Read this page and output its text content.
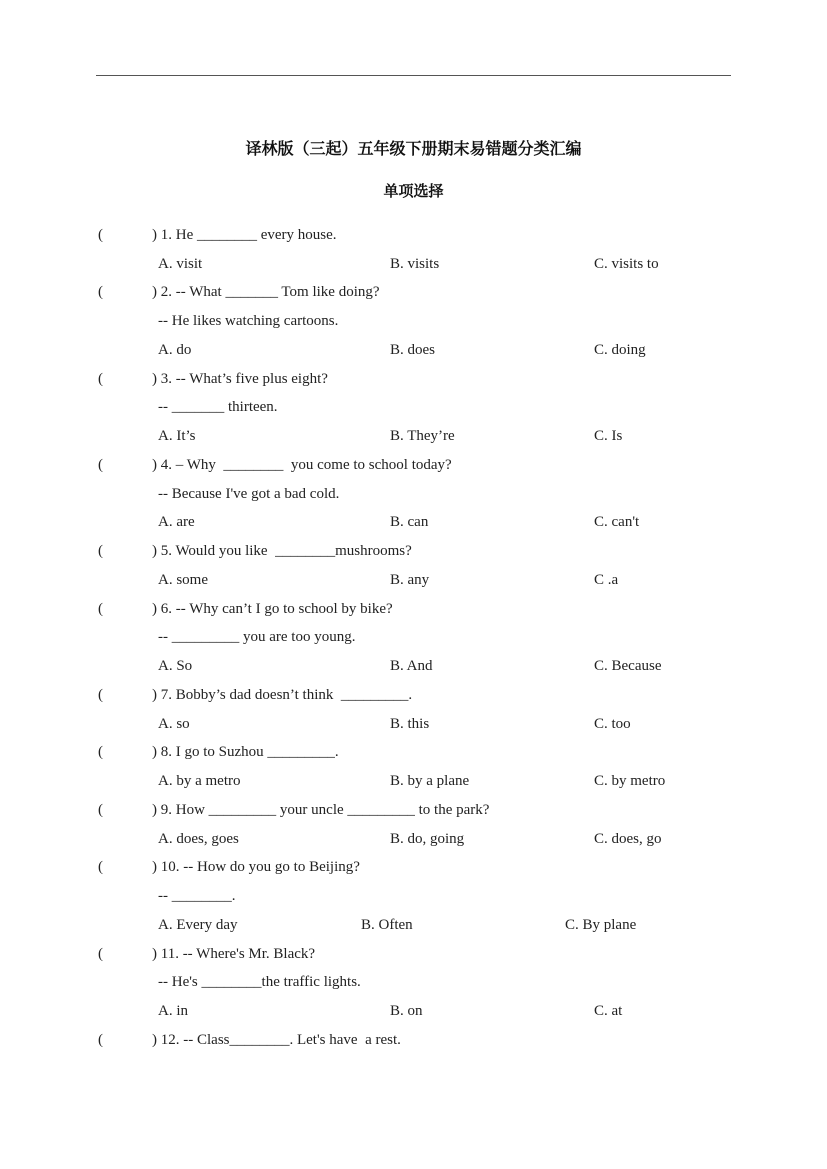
译林版（三起）五年级下册期末易错题分类汇编
单项选择
(	) 1. He ________ every house.
A. visit	B. visits	C. visits to
(	) 2. -- What _______ Tom like doing?
-- He likes watching cartoons.
A. do	B. does	C. doing
(	) 3. -- What’s five plus eight?
-- _______ thirteen.
A. It’s	B. They’re	C. Is
(	) 4. – Why  ________  you come to school today?
-- Because I've got a bad cold.
A. are	B. can	C. can't
(	) 5. Would you like  ________mushrooms?
A. some	B. any	C .a
(	) 6. -- Why can’t I go to school by bike?
-- _________ you are too young.
A. So	B. And	C. Because
(	) 7. Bobby’s dad doesn’t think  _________.
A. so	B. this	C. too
(	) 8. I go to Suzhou _________.
A. by a metro	B. by a plane	C. by metro
(	) 9. How _________ your uncle _________ to the park?
A. does, goes	B. do, going	C. does, go
(	) 10. -- How do you go to Beijing?
-- ________.
A. Every day	B. Often	C. By plane
(	) 11. -- Where's Mr. Black?
-- He's ________the traffic lights.
A. in	B. on	C. at
(	) 12. -- Class________. Let's have  a rest.
